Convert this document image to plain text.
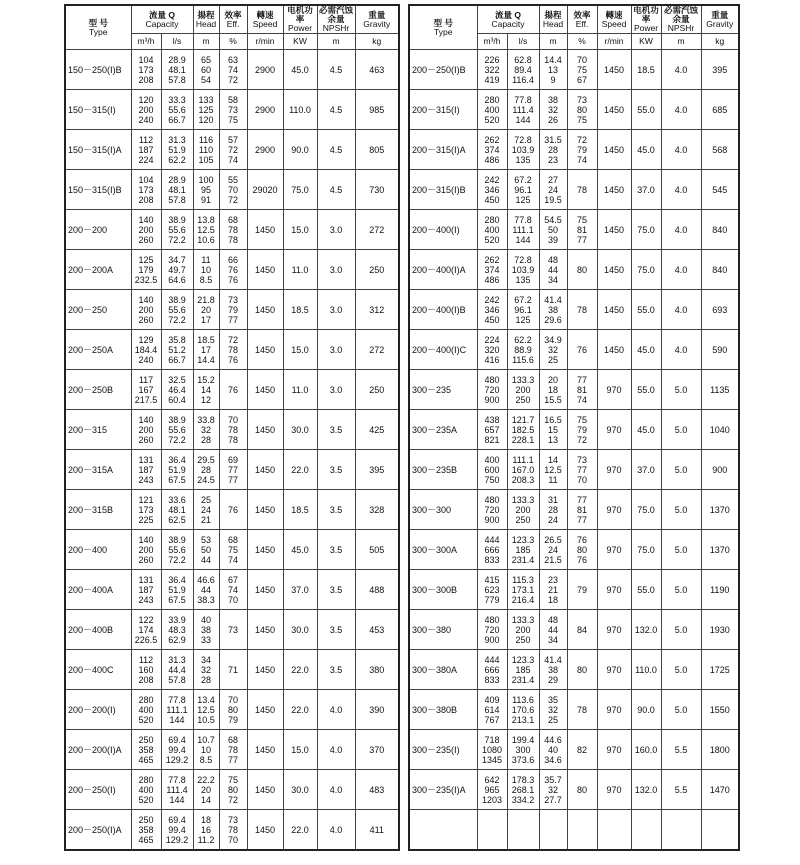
型 号
Type	流量 Q
Capacity		揚程
Head	效率
Eff.	轉速
Speed	电机功率
Power	必需汽蚀余量
NPSHr	重量
Gravity

	m³/h	l/s	m	%	r/min	KW	m	kg
150－250(Ⅰ)B	104
173
208	28.9
48.1
57.8	65
60
54	63
74
72	2900	45.0	4.5	463
150－315(Ⅰ)	120
200
240	33.3
55.6
66.7	133
125
120	58
73
75	2900	110.0	4.5	985
150－315(Ⅰ)A	112
187
224	31.3
51.9
62.2	116
110
105	57
72
74	2900	90.0	4.5	805
150－315(Ⅰ)B	104
173
208	28.9
48.1
57.8	100
95
91	55
70
72	29020	75.0	4.5	730
200－200	140
200
260	38.9
55.6
72.2	13.8
12.5
10.6	68
78
78	1450	15.0	3.0	272
200－200A	125
179
232.5	34.7
49.7
64.6	11
10
8.5	66
76
76	1450	11.0	3.0	250
200－250	140
200
260	38.9
55.6
72.2	21.8
20
17	73
79
77	1450	18.5	3.0	312
200－250A	129
184.4
240	35.8
51.2
66.7	18.5
17
14.4	72
78
76	1450	15.0	3.0	272
200－250B	117
167
217.5	32.5
46.4
60.4	15.2
14
12	76	1450	11.0	3.0	250
200－315	140
200
260	38.9
55.6
72.2	33.8
32
28	70
78
78	1450	30.0	3.5	425
200－315A	131
187
243	36.4
51.9
67.5	29.5
28
24.5	69
77
77	1450	22.0	3.5	395
200－315B	121
173
225	33.6
48.1
62.5	25
24
21	76	1450	18.5	3.5	328
200－400	140
200
260	38.9
55.6
72.2	53
50
44	68
75
74	1450	45.0	3.5	505
200－400A	131
187
243	36.4
51.9
67.5	46.6
44
38.3	67
74
70	1450	37.0	3.5	488
200－400B	122
174
226.5	33.9
48.3
62.9	40
38
33	73	1450	30.0	3.5	453
200－400C	112
160
208	31.3
44.4
57.8	34
32
28	71	1450	22.0	3.5	380
200－200(Ⅰ)	280
400
520	77.8
111.1
144	13.4
12.5
10.5	70
80
79	1450	22.0	4.0	390
200－200(Ⅰ)A	250
358
465	69.4
99.4
129.2	10.7
10
8.5	68
78
77	1450	15.0	4.0	370
200－250(Ⅰ)	280
400
520	77.8
111.4
144	22.2
20
14	75
80
72	1450	30.0	4.0	483
200－250(Ⅰ)A	250
358
465	69.4
99.4
129.2	18
16
11.2	73
78
70	1450	22.0	4.0	411
型 号
Type	流量 Q
Capacity		揚程
Head	效率
Eff.	轉速
Speed	电机功率
Power	必需汽蚀余量
NPSHr	重量
Gravity

	m³/h	l/s	m	%	r/min	KW	m	kg
200－250(Ⅰ)B	226
322
419	62.8
89.4
116.4	14.4
13
9	70
75
67	1450	18.5	4.0	395
200－315(Ⅰ)	280
400
520	77.8
111.4
144	38
32
26	73
80
75	1450	55.0	4.0	685
200－315(Ⅰ)A	262
374
486	72.8
103.9
135	31.5
28
23	72
79
74	1450	45.0	4.0	568
200－315(Ⅰ)B	242
346
450	67.2
96.1
125	27
24
19.5	78	1450	37.0	4.0	545
200－400(Ⅰ)	280
400
520	77.8
111.1
144	54.5
50
39	75
81
77	1450	75.0	4.0	840
200－400(Ⅰ)A	262
374
486	72.8
103.9
135	48
44
34	80	1450	75.0	4.0	840
200－400(Ⅰ)B	242
346
450	67.2
96.1
125	41.4
38
29.6	78	1450	55.0	4.0	693
200－400(Ⅰ)C	224
320
416	62.2
88.9
115.6	34.9
32
25	76	1450	45.0	4.0	590
300－235	480
720
900	133.3
200
250	20
18
15.5	77
81
74	970	55.0	5.0	1135
300－235A	438
657
821	121.7
182.5
228.1	16.5
15
13	75
79
72	970	45.0	5.0	1040
300－235B	400
600
750	111.1
167.0
208.3	14
12.5
11	73
77
70	970	37.0	5.0	900
300－300	480
720
900	133.3
200
250	31
28
24	77
81
77	970	75.0	5.0	1370
300－300A	444
666
833	123.3
185
231.4	26.5
24
21.5	76
80
76	970	75.0	5.0	1370
300－300B	415
623
779	115.3
173.1
216.4	23
21
18	79	970	55.0	5.0	1190
300－380	480
720
900	133.3
200
250	48
44
34	84	970	132.0	5.0	1930
300－380A	444
666
833	123.3
185
231.4	41.4
38
29	80	970	110.0	5.0	1725
300－380B	409
614
767	113.6
170.6
213.1	35
32
25	78	970	90.0	5.0	1550
300－235(Ⅰ)	718
1080
1345	199.4
300
373.6	44.6
40
34.6	82	970	160.0	5.5	1800
300－235(Ⅰ)A	642
965
1203	178.3
268.1
334.2	35.7
32
27.7	80	970	132.0	5.5	1470
